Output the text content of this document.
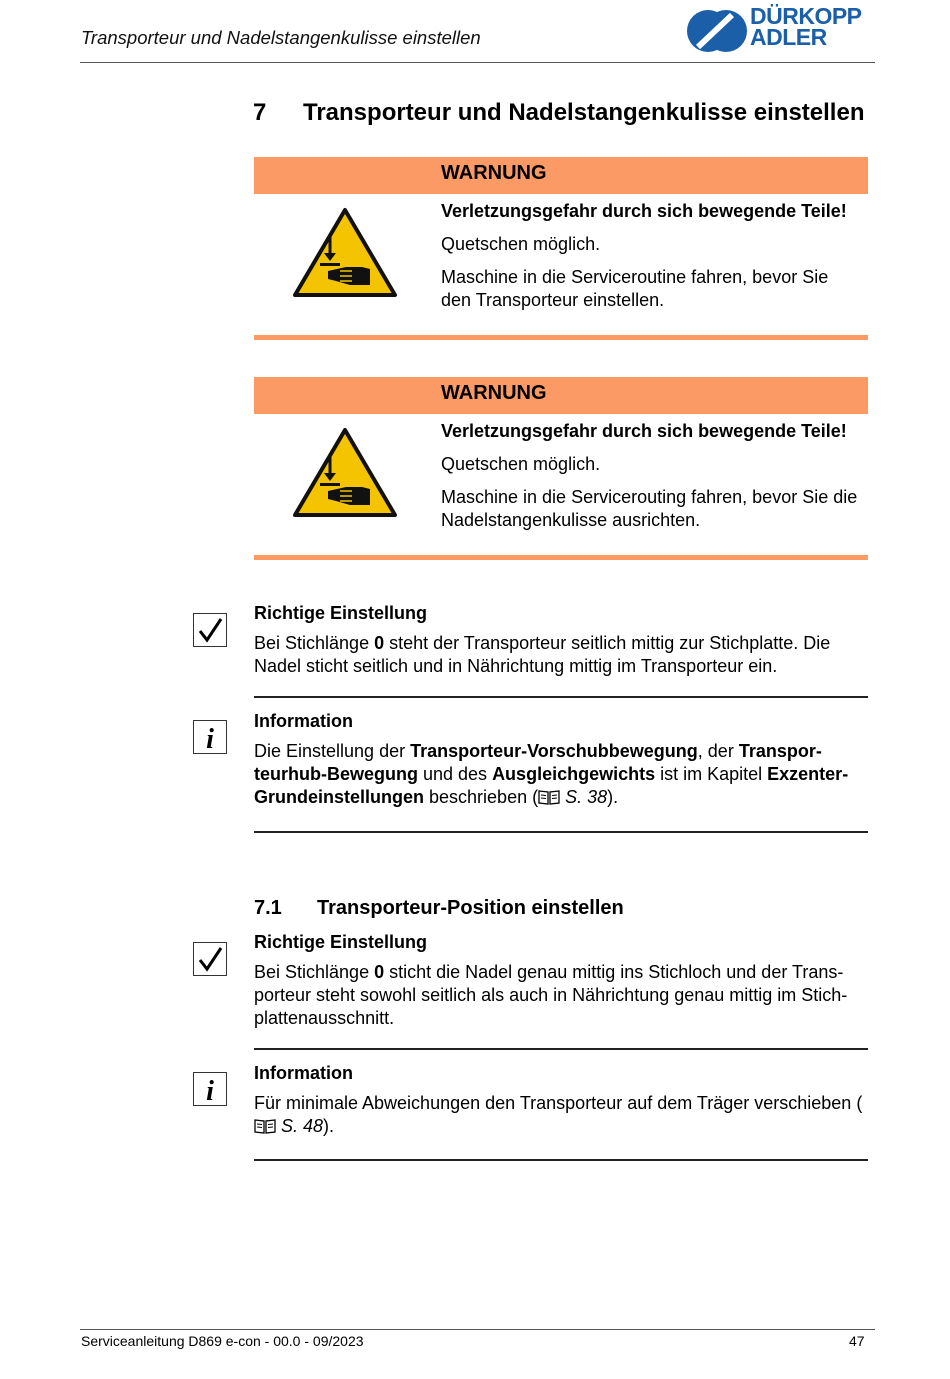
Transporteur und Nadelstangenkulisse einstellen
DÜRKOPP
ADLER
7 Transporteur und Nadelstangenkulisse einstellen
WARNUNG

Verletzungsgefahr durch sich bewegende Teile!

Quetschen möglich.

Maschine in die Serviceroutine fahren, bevor Sie den Transporteur einstellen.

WARNUNG

Verletzungsgefahr durch sich bewegende Teile!

Quetschen möglich.

Maschine in die Servicerouting fahren, bevor Sie die Nadelstangenkulisse ausrichten.

Richtige Einstellung
Bei Stichlänge 0 steht der Transporteur seitlich mittig zur Stichplatte. Die Nadel sticht seitlich und in Nährichtung mittig im Transporteur ein.
i
Information
Die Einstellung der Transporteur-Vorschubbewegung, der Transporteurhub-Bewegung und des Ausgleichgewichts ist im Kapitel Exzenter-Grundeinstellungen beschrieben ( S. 38).
7.1 Transporteur-Position einstellen
Richtige Einstellung
Bei Stichlänge 0 sticht die Nadel genau mittig ins Stichloch und der Transporteur steht sowohl seitlich als auch in Nährichtung genau mittig im Stichplattenausschnitt.
i
Information
Für minimale Abweichungen den Transporteur auf dem Träger verschieben ( S. 48).
Serviceanleitung D869 e-con - 00.0 - 09/2023	47
